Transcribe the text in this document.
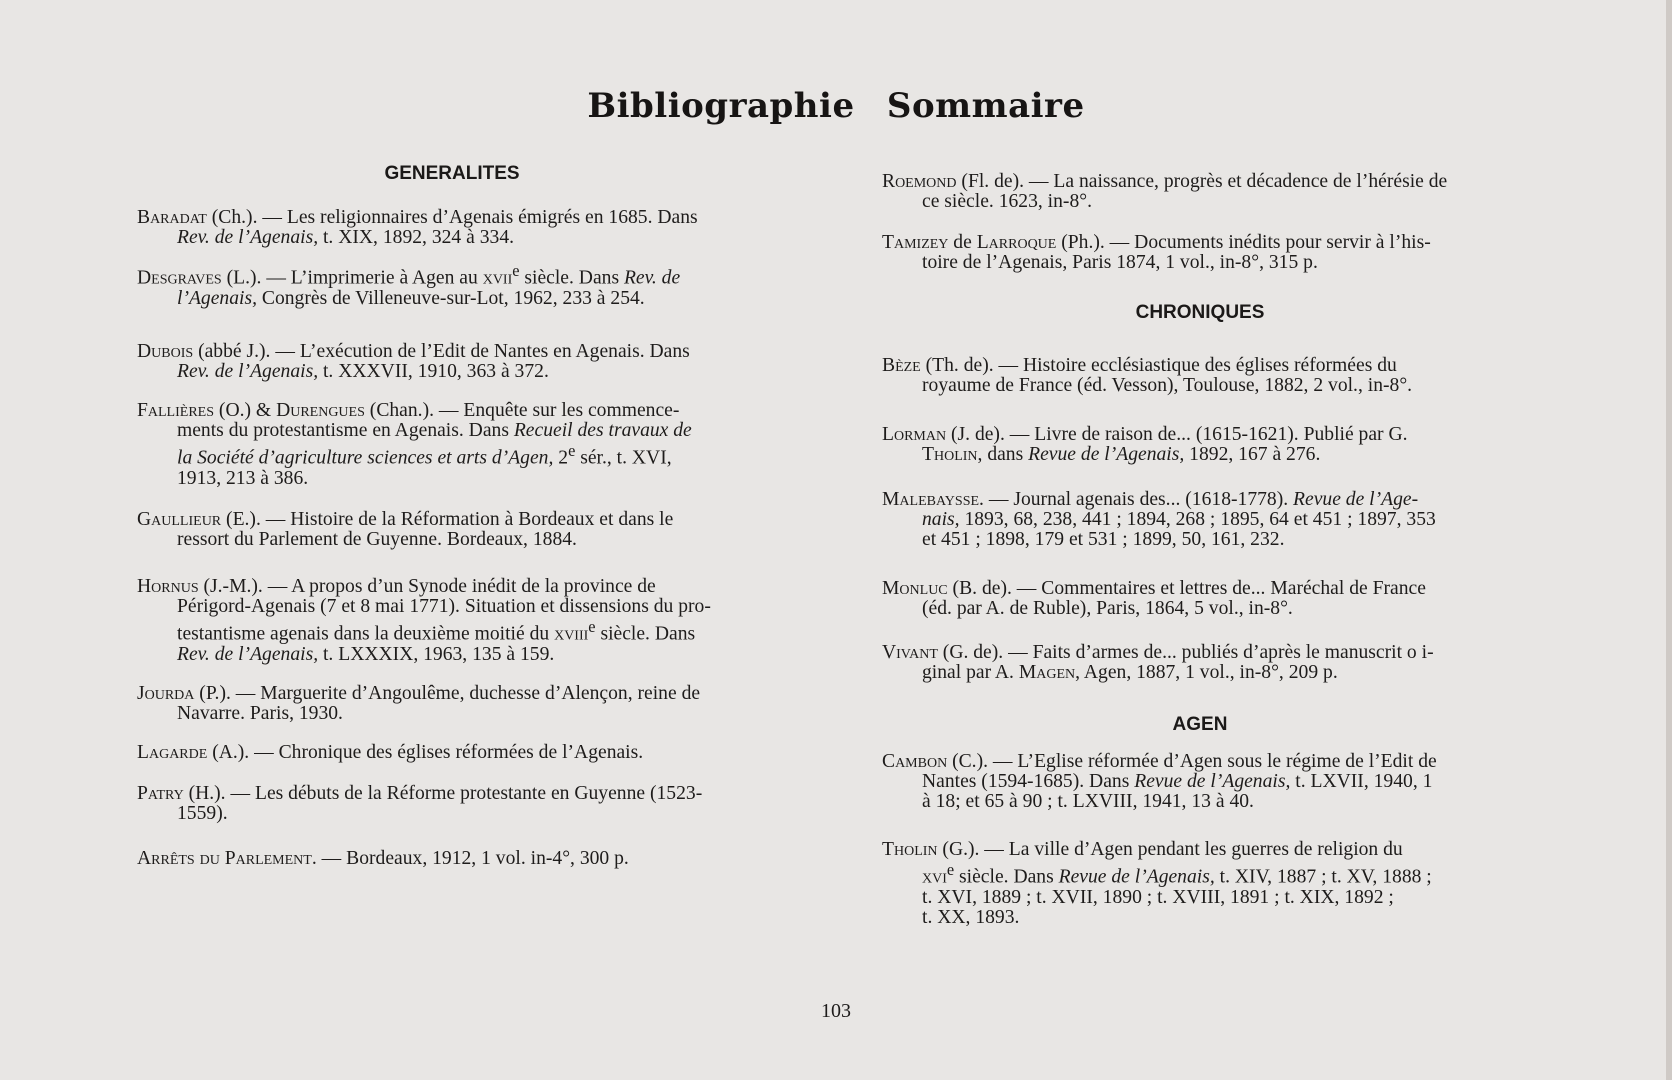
Bibliographie Sommaire
GENERALITES
Baradat (Ch.). — Les religionnaires d’Agenais émigrés en 1685. Dans
Rev. de l’Agenais, t. XIX, 1892, 324 à 334.
Desgraves (L.). — L’imprimerie à Agen au xvii$^e$ siècle. Dans Rev. de
l’Agenais, Congrès de Villeneuve-sur-Lot, 1962, 233 à 254.
Dubois (abbé J.). — L’exécution de l’Edit de Nantes en Agenais. Dans
Rev. de l’Agenais, t. XXXVII, 1910, 363 à 372.
Fallières (O.) & Durengues (Chan.). — Enquête sur les commence-
ments du protestantisme en Agenais. Dans Recueil des travaux de
la Société d’agriculture sciences et arts d’Agen, 2e sér., t. XVI,
1913, 213 à 386.
Gaullieur (E.). — Histoire de la Réformation à Bordeaux et dans le
ressort du Parlement de Guyenne. Bordeaux, 1884.
Hornus (J.-M.). — A propos d’un Synode inédit de la province de
Périgord-Agenais (7 et 8 mai 1771). Situation et dissensions du pro-
testantisme agenais dans la deuxième moitié du xviii$^e$ siècle. Dans
Rev. de l’Agenais, t. LXXXIX, 1963, 135 à 159.
Jourda (P.). — Marguerite d’Angoulême, duchesse d’Alençon, reine de
Navarre. Paris, 1930.
Lagarde (A.). — Chronique des églises réformées de l’Agenais.
Patry (H.). — Les débuts de la Réforme protestante en Guyenne (1523-
1559).
Arrêts du Parlement. — Bordeaux, 1912, 1 vol. in-4°, 300 p.
CHRONIQUES
AGEN
Roemond (Fl. de). — La naissance, progrès et décadence de l’hérésie de
ce siècle. 1623, in-8°.
Tamizey de Larroque (Ph.). — Documents inédits pour servir à l’his-
toire de l’Agenais, Paris 1874, 1 vol., in-8°, 315 p.
Bèze (Th. de). — Histoire ecclésiastique des églises réformées du
royaume de France (éd. Vesson), Toulouse, 1882, 2 vol., in-8°.
Lorman (J. de). — Livre de raison de... (1615-1621). Publié par G.
Tholin, dans Revue de l’Agenais, 1892, 167 à 276.
Malebaysse. — Journal agenais des... (1618-1778). Revue de l’Age-
nais, 1893, 68, 238, 441 ; 1894, 268 ; 1895, 64 et 451 ; 1897, 353
et 451 ; 1898, 179 et 531 ; 1899, 50, 161, 232.
Monluc (B. de). — Commentaires et lettres de... Maréchal de France
(éd. par A. de Ruble), Paris, 1864, 5 vol., in-8°.
Vivant (G. de). — Faits d’armes de... publiés d’après le manuscrit o i-
ginal par A. Magen, Agen, 1887, 1 vol., in-8°, 209 p.
Cambon (C.). — L’Eglise réformée d’Agen sous le régime de l’Edit de
Nantes (1594-1685). Dans Revue de l’Agenais, t. LXVII, 1940, 1
à 18; et 65 à 90 ; t. LXVIII, 1941, 13 à 40.
Tholin (G.). — La ville d’Agen pendant les guerres de religion du
xvi$^e$ siècle. Dans Revue de l’Agenais, t. XIV, 1887 ; t. XV, 1888 ;
t. XVI, 1889 ; t. XVII, 1890 ; t. XVIII, 1891 ; t. XIX, 1892 ;
t. XX, 1893.
103
